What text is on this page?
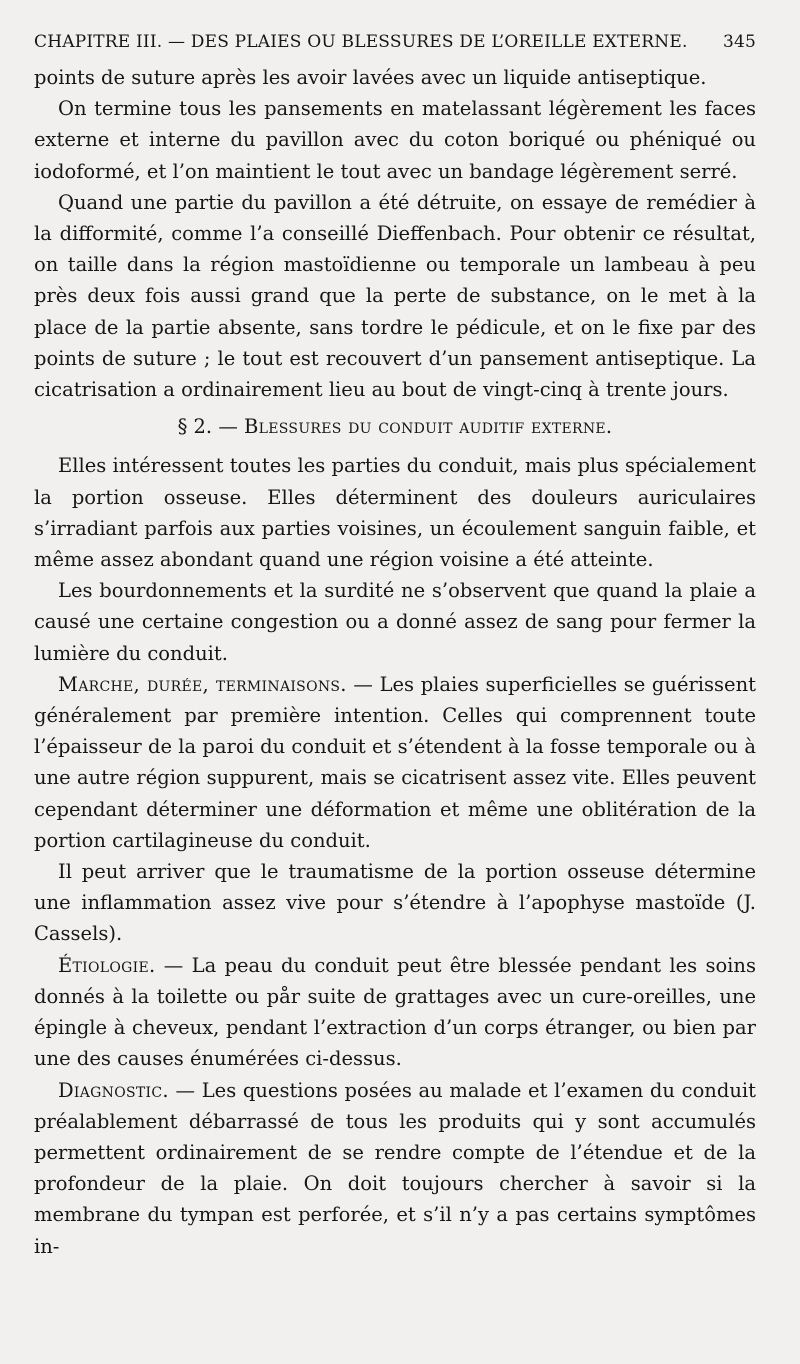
CHAPITRE III. — DES PLAIES OU BLESSURES DE L’OREILLE EXTERNE. 345

points de suture après les avoir lavées avec un liquide antiseptique.

On termine tous les pansements en matelassant légèrement les faces externe et interne du pavillon avec du coton boriqué ou phéniqué ou iodoformé, et l’on maintient le tout avec un bandage légèrement serré.

Quand une partie du pavillon a été détruite, on essaye de remédier à la difformité, comme l’a conseillé Dieffenbach. Pour obtenir ce résultat, on taille dans la région mastoïdienne ou temporale un lambeau à peu près deux fois aussi grand que la perte de substance, on le met à la place de la partie absente, sans tordre le pédicule, et on le fixe par des points de suture ; le tout est recouvert d’un pansement antiseptique. La cicatrisation a ordinairement lieu au bout de vingt-cinq à trente jours.

§ 2. — Blessures du conduit auditif externe.

Elles intéressent toutes les parties du conduit, mais plus spécialement la portion osseuse. Elles déterminent des douleurs auriculaires s’irradiant parfois aux parties voisines, un écoulement sanguin faible, et même assez abondant quand une région voisine a été atteinte.

Les bourdonnements et la surdité ne s’observent que quand la plaie a causé une certaine congestion ou a donné assez de sang pour fermer la lumière du conduit.

Marche, durée, terminaisons. — Les plaies superficielles se guérissent généralement par première intention. Celles qui comprennent toute l’épaisseur de la paroi du conduit et s’étendent à la fosse temporale ou à une autre région suppurent, mais se cicatrisent assez vite. Elles peuvent cependant déterminer une déformation et même une oblitération de la portion cartilagineuse du conduit.

Il peut arriver que le traumatisme de la portion osseuse détermine une inflammation assez vive pour s’étendre à l’apophyse mastoïde (J. Cassels).

Étiologie. — La peau du conduit peut être blessée pendant les soins donnés à la toilette ou pår suite de grattages avec un cure-oreilles, une épingle à cheveux, pendant l’extraction d’un corps étranger, ou bien par une des causes énumérées ci-dessus.

Diagnostic. — Les questions posées au malade et l’examen du conduit préalablement débarrassé de tous les produits qui y sont accumulés permettent ordinairement de se rendre compte de l’étendue et de la profondeur de la plaie. On doit toujours chercher à savoir si la membrane du tympan est perforée, et s’il n’y a pas certains symptômes in-
